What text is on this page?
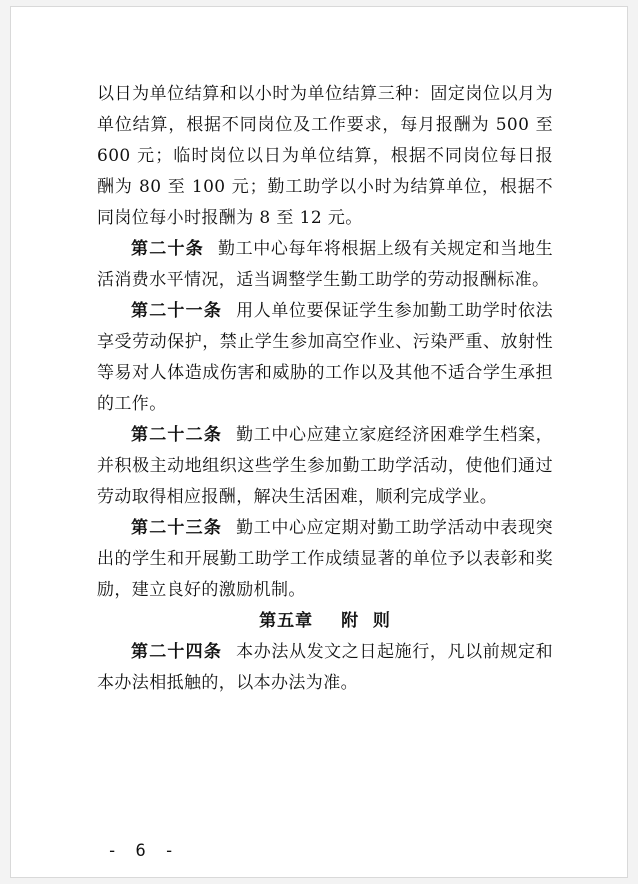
以日为单位结算和以小时为单位结算三种：固定岗位以月为单位结算，根据不同岗位及工作要求，每月报酬为 500 至 600 元；临时岗位以日为单位结算，根据不同岗位每日报酬为 80 至 100 元；勤工助学以小时为结算单位，根据不同岗位每小时报酬为 8 至 12 元。

第二十条 勤工中心每年将根据上级有关规定和当地生活消费水平情况，适当调整学生勤工助学的劳动报酬标准。

第二十一条 用人单位要保证学生参加勤工助学时依法享受劳动保护，禁止学生参加高空作业、污染严重、放射性等易对人体造成伤害和威胁的工作以及其他不适合学生承担的工作。

第二十二条 勤工中心应建立家庭经济困难学生档案，并积极主动地组织这些学生参加勤工助学活动，使他们通过劳动取得相应报酬，解决生活困难，顺利完成学业。

第二十三条 勤工中心应定期对勤工助学活动中表现突出的学生和开展勤工助学工作成绩显著的单位予以表彰和奖励，建立良好的激励机制。

第五章 附  则

第二十四条 本办法从发文之日起施行，凡以前规定和本办法相抵触的，以本办法为准。

- 6 -
